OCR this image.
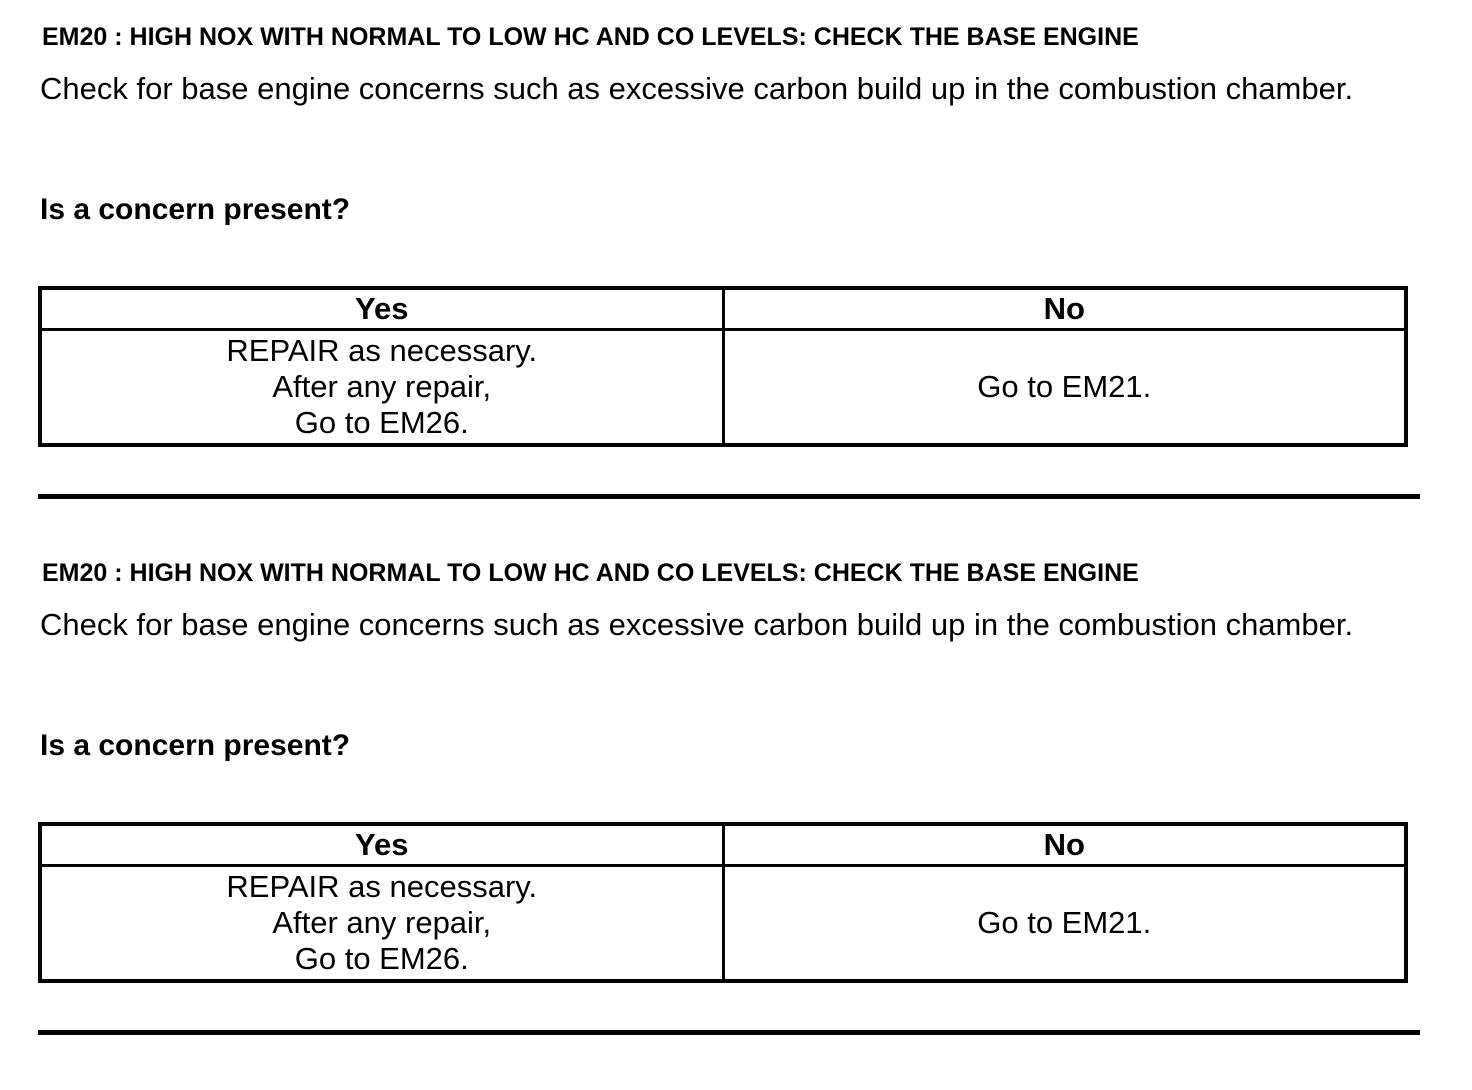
EM20 : HIGH NOX WITH NORMAL TO LOW HC AND CO LEVELS: CHECK THE BASE ENGINE

Check for base engine concerns such as excessive carbon build up in the combustion chamber.

Is a concern present?

Yes	No

REPAIR as necessary.
After any repair,
Go to EM26.	Go to EM21.
EM20 : HIGH NOX WITH NORMAL TO LOW HC AND CO LEVELS: CHECK THE BASE ENGINE

Check for base engine concerns such as excessive carbon build up in the combustion chamber.

Is a concern present?

Yes	No

REPAIR as necessary.
After any repair,
Go to EM26.	Go to EM21.
